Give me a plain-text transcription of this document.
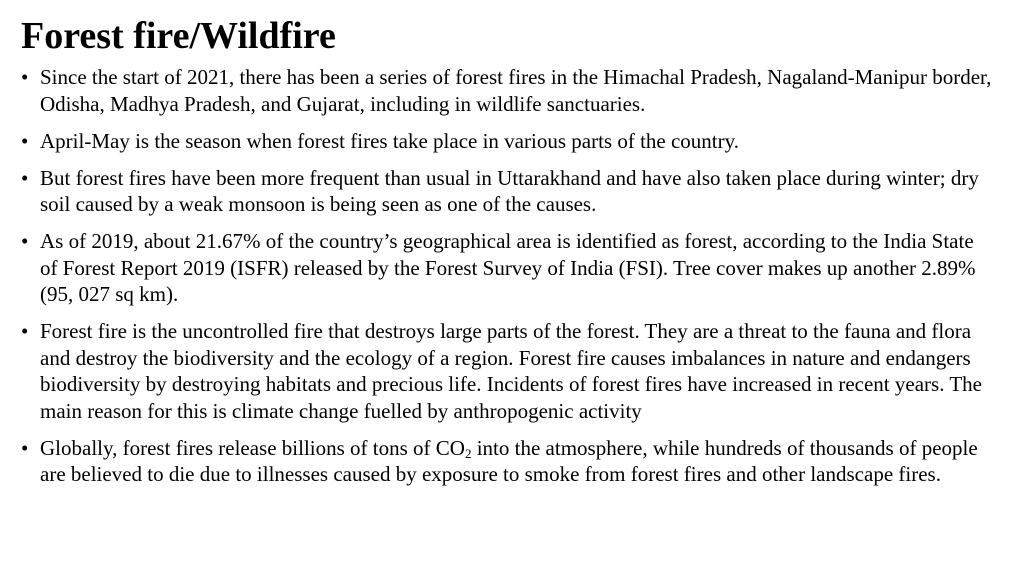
Forest fire/Wildfire
• Since the start of 2021, there has been a series of forest fires in the Himachal Pradesh, Nagaland-Manipur border, Odisha, Madhya Pradesh, and Gujarat, including in wildlife sanctuaries.
• April-May is the season when forest fires take place in various parts of the country.
• But forest fires have been more frequent than usual in Uttarakhand and have also taken place during winter; dry soil caused by a weak monsoon is being seen as one of the causes.
• As of 2019, about 21.67% of the country’s geographical area is identified as forest, according to the India State of Forest Report 2019 (ISFR) released by the Forest Survey of India (FSI). Tree cover makes up another 2.89% (95, 027 sq km).
• Forest fire is the uncontrolled fire that destroys large parts of the forest. They are a threat to the fauna and flora and destroy the biodiversity and the ecology of a region. Forest fire causes imbalances in nature and endangers biodiversity by destroying habitats and precious life. Incidents of forest fires have increased in recent years. The main reason for this is climate change fuelled by anthropogenic activity
• Globally, forest fires release billions of tons of $CO_2$ into the atmosphere, while hundreds of thousands of people are believed to die due to illnesses caused by exposure to smoke from forest fires and other landscape fires.
